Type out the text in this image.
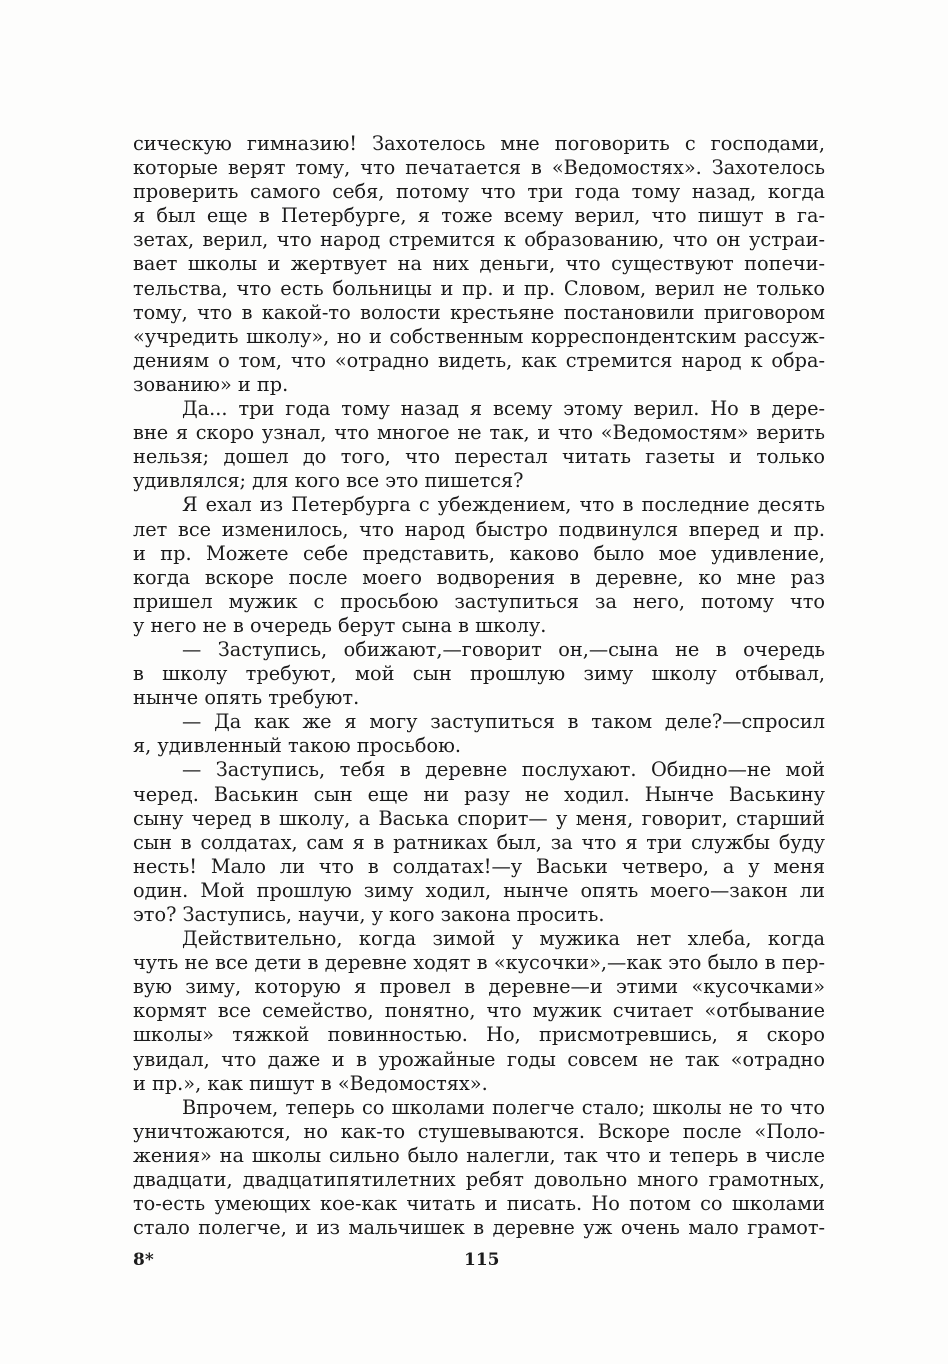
сическую гимназию! Захотелось мне поговорить с господами,
которые верят тому, что печатается в «Ведомостях». Захотелось
проверить самого себя, потому что три года тому назад, когда
я был еще в Петербурге, я тоже всему верил, что пишут в га-
зетах, верил, что народ стремится к образованию, что он устраи-
вает школы и жертвует на них деньги, что существуют попечи-
тельства, что есть больницы и пр. и пр. Словом, верил не только
тому, что в какой-то волости крестьяне постановили приговором
«учредить школу», но и собственным корреспондентским рассуж-
дениям о том, что «отрадно видеть, как стремится народ к обра-
зованию» и пр.
Да... три года тому назад я всему этому верил. Но в дере-
вне я скоро узнал, что многое не так, и что «Ведомостям» верить
нельзя; дошел до того, что перестал читать газеты и только
удивлялся; для кого все это пишется?
Я ехал из Петербурга с убеждением, что в последние десять
лет все изменилось, что народ быстро подвинулся вперед и пр.
и пр. Можете себе представить, каково было мое удивление,
когда вскоре после моего водворения в деревне, ко мне раз
пришел мужик с просьбою заступиться за него, потому что
у него не в очередь берут сына в школу.
— Заступись, обижают,—говорит он,—сына не в очередь
в школу требуют, мой сын прошлую зиму школу отбывал,
нынче опять требуют.
— Да как же я могу заступиться в таком деле?—спросил
я, удивленный такою просьбою.
— Заступись, тебя в деревне послухают. Обидно—не мой
черед. Васькин сын еще ни разу не ходил. Нынче Васькину
сыну черед в школу, а Васька спорит— у меня, говорит, старший
сын в солдатах, сам я в ратниках был, за что я три службы буду
несть! Мало ли что в солдатах!—у Васьки четверо, а у меня
один. Мой прошлую зиму ходил, нынче опять моего—закон ли
это? Заступись, научи, у кого закона просить.
Действительно, когда зимой у мужика нет хлеба, когда
чуть не все дети в деревне ходят в «кусочки»,—как это было в пер-
вую зиму, которую я провел в деревне—и этими «кусочками»
кормят все семейство, понятно, что мужик считает «отбывание
школы» тяжкой повинностью. Но, присмотревшись, я скоро
увидал, что даже и в урожайные годы совсем не так «отрадно
и пр.», как пишут в «Ведомостях».
Впрочем, теперь со школами полегче стало; школы не то что
уничтожаются, но как-то стушевываются. Вскоре после «Поло-
жения» на школы сильно было налегли, так что и теперь в числе
двадцати, двадцатипятилетних ребят довольно много грамотных,
то-есть умеющих кое-как читать и писать. Но потом со школами
стало полегче, и из мальчишек в деревне уж очень мало грамот-
8*	115
